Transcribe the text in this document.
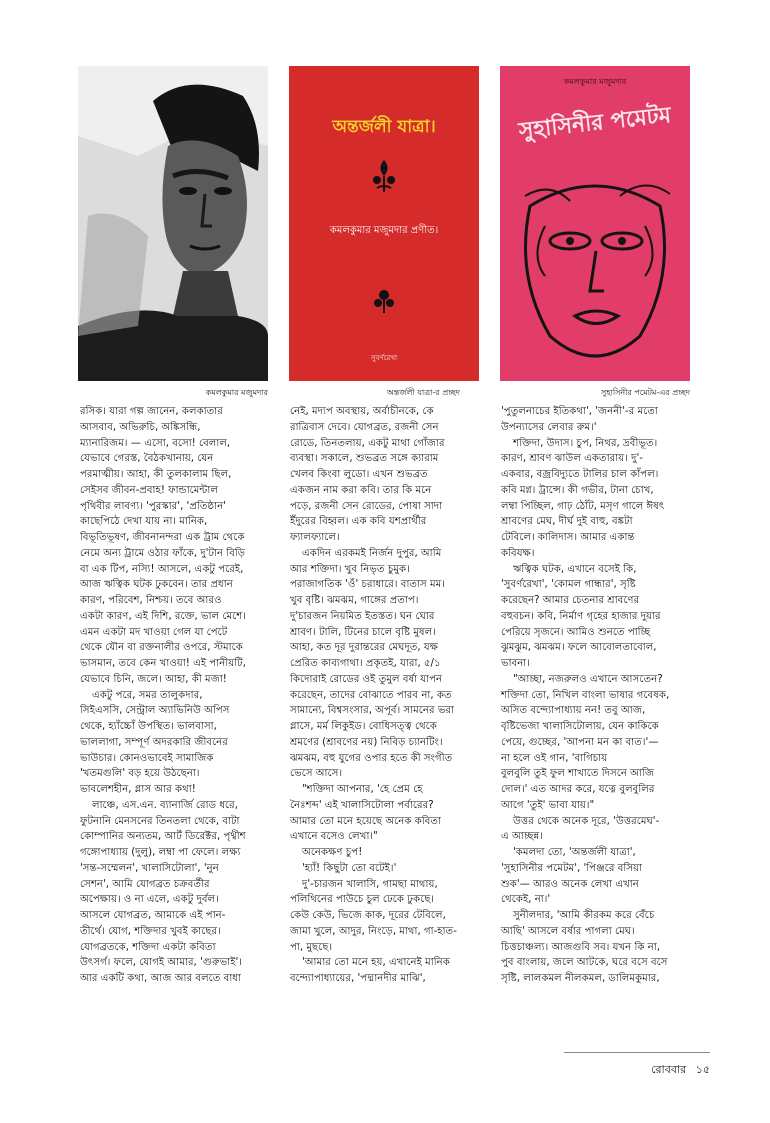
কমলকুমার মজুমদার
অন্তর্জলী যাত্রা।
কমলকুমার মজুমদার প্রণীত।
সুবর্ণরেখা
অন্তর্জলী যাত্রা-র প্রচ্ছদ
কমলকুমার মজুমদার
সুহাসিনীর পমেটম
সুহাসিনীর পমেটম-এর প্রচ্ছদ

রসিক। যারা গল্প জানেন, কলকাতার

আসবাব, অভিরুচি, অঙ্কিসন্ধি,

ম্যানারিজম। — এসো, বসো! বেলাল,

যেভাবে গেরস্ত, বৈঠকখানায়, যেন

পরমাত্মীয়। আহা, কী তুলকালাম ছিল,

সেইসব জীবন-প্রবাহ! ফান্ডামেন্টাল

পৃথিবীর লাবণ্য। 'পুরস্কার', 'প্রতিষ্ঠান'

কাছেপিঠে দেখা যায় না। মানিক,

বিভূতিভূষণ, জীবনানন্দরা এক ট্রাম থেকে

নেমে অন্য ট্রামে ওঠার ফাঁকে, দু'টান বিড়ি

বা এক টিপ, নস্যি! আসলে, একটু পরেই,

আজ ঋত্বিক ঘটক ঢুকবেন। তার প্রধান

কারণ, পরিবেশ, নিশ্চয়। তবে আরও

একটা কারণ, এই দিশি, রক্তে, ভাল মেশে।

এমন একটা মদ খাওয়া গেল যা পেটে

থেকে যৌন বা রক্তনালীর ওপরে, স্টমাকে

ভাসমান, তবে কেন খাওয়া! এই পানীয়টি,

যেভাবে চিনি, জলে। আহা, কী মজা!

একটু পরে, সমর তালুকদার,

সিইএসসি, সেন্ট্রাল অ্যাভিনিউ অপিস

থেকে, হ্যাঁচ্চোঁ উপস্থিত। ভালবাসা,

ভাললাগা, সম্পূর্ণ অদরকারি জীবনের

ভাউচার। কোনওভাবেই সামাজিক

'খতমগুলি' বড় হয়ে উঠছেনা।

ভাবলেশহীন, গ্লাস আর কথা!

লাঞ্চে, এস.এন. ব্যানার্জি রোড ধরে,

ফুটনানি মেনসনের তিনতলা থেকে, বাটা

কোম্পানির অন্যতম, আর্ট ডিরেক্টর, পৃথ্বীশ

গঙ্গোপাধ্যায় (দুলু), লম্বা পা ফেলে। লক্ষ্য

'সন্ত-সম্মেলন', খালাসিটোলা', 'নুন

সেশন', আমি যোগব্রত চক্রবর্তীর

অপেক্ষায়। ও না এলে, একটু দুর্বল।

আসলে যোগব্রত, আমাকে এই পান-

তীর্থে। যোগ, শক্তিদার খুবই কাছের।

যোগব্রতকে, শক্তিদা একটা কবিতা

উৎসর্গ। ফলে, যোগই আমার, 'গুরুভাই'।

আর একটি কথা, আজ আর বলতে বাধা

নেই, মদ্যপ অবস্থায়, অর্বাচীনকে, কে

রাত্রিবাস দেবে। যোগব্রত, রজনী সেন

রোডে, তিনতলায়, একটু মাথা গোঁজার

ব্যবস্থা। সকালে, শুভব্রত সঙ্গে ক্যারাম

খেলব কিংবা লুডো। এখন শুভব্রত

একজন নাম করা কবি। তার কি মনে

পড়ে, রজনী সেন রোডের, পোষা সাদা

ইঁদুরের বিহ্বল। এক কবি যশপ্রার্থীর

ফ্যালফ্যালে।

একদিন এরকমই নির্জন দুপুর, আমি

আর শক্তিদা। খুব নিভৃত চুমুক।

পরাজাগতিক 'ওঁ' চরাধারে। বাতাস মম।

খুব বৃষ্টি। ঝমঝম, গাঙ্গের প্রতাপ।

দু'চারজন নিয়মিত ইতস্তত। ঘন ঘোর

শ্রাবণ। টালি, টিনের চালে বৃষ্টি মুষল।

আহা, কত দূর দুরান্তরের মেঘদূত, যক্ষ

প্রেরিত কাব্যগাথা। প্রকৃতই, যারা, ৫/১

কিদোরাই রোডের ওই তুমুল বর্ষা যাপন

করেছেন, তাদের বোঝাতে পারব না, কত

সামান্যে, বিশ্বসংসার, অপূর্ব। সামনের ভরা

গ্লাসে, মর্ম লিকুইড। বোধিসত্ত্ব থেকে

শ্রমণের (শ্রাবণের নয়) নিবিড় চ্যানটিং।

ঝমঝম, বহু যুগের ওপার হতে কী সংগীত

ভেসে আসে।

"শক্তিদা আপনার, 'হে প্রেম হে

নৈঃশব্দ' এই খালাসিটোলা পর্বারের?

আমার তো মনে হয়েছে অনেক কবিতা

এখানে বসেও লেখা।"

অনেকক্ষণ চুপ!

'হ্যাঁ! কিছুটা তো বটেই।'

দু'-চারজন খালাসি, গামছা মাথায়,

পলিথিনের পাউচে চুল ঢেকে ঢুকছে।

কেউ কেউ, ভিজে কাক, দূরের টেবিলে,

জামা খুলে, আদুর, নিংড়ে, মাথা, গা-হাত-

পা, মুছছে।

'আমার তো মনে হয়, এখানেই মানিক

বন্দ্যোপাধ্যায়ের, 'পদ্মানদীর মাঝি',

'পুতুলনাচের ইতিকথা', 'জননী'-র মতো

উপন্যাসের লেবার রুম।'

শক্তিদা, উদাস। চুপ, নিথর, দ্রবীভূত।

কারণ, শ্রাবণ ঝাউল একতারায়। দু'-

একবার, বজ্রবিদ্যুতে টালির চাল কাঁপল।

কবি মগ্ন। ট্রান্সে। কী গভীর, টানা চোখ,

লম্বা পিচ্ছিল, গাঢ় ঠোঁট, মসৃণ গালে ঈষৎ

শ্রাবণের মেঘ, দীর্ঘ দুই বাহু, বঙ্কটা

টেবিলে। কালিদাস। আমার একান্ত

কবিযক্ষ।

ঋত্বিক ঘটক, এখানে বসেই কি,

'সুবর্ণরেখা', 'কোমল গান্ধার', সৃষ্টি

করেছেন? আমার চেতনার শ্রাবণের

বহুবচন। কবি, নির্মাণ গৃহের হাজার দুয়ার

পেরিয়ে সৃজনে। আমিও শুনতে পাচ্ছি

ঝুমঝুম, ঝমঝম। ফলে আবোলতাবোল,

ভাবনা।

"আচ্ছা, নজরুলও এখানে আসতেন?

শক্তিদা তো, নিখিল বাংলা ভাষার গবেষক,

অসিত বন্দ্যোপাধ্যায় নন! তবু আজ,

বৃষ্টিভেজা খালাসিটোলায়, যেন কাকিকে

পেয়ে, গুচ্ছের, 'আপনা মন কা বাত।'—

না হলে ওই গান, 'বাগিচায়

বুলবুলি তুই ফুল শাখাতে দিসনে আজি

দোল।' এত আদর করে, যত্নে বুলবুলির

আগে 'তুই' ভাবা যায়।"

উত্তর থেকে অনেক দূরে, 'উত্তরমেঘ'-

এ আচ্ছন্ন।

'কমলদা তো, 'অন্তর্জলী যাত্রা',

'সুহাসিনীর পমেটম', 'পিঞ্জরে বসিয়া

শুক'— আরও অনেক লেখা এখান

থেকেই, না।'

সুনীলদার, 'আমি কীরকম করে বেঁচে

আছি' আসলে বর্ষার পাগলা মেঘ।

চিত্তচাঞ্চল্য। আজগুবি সব। যখন কি না,

পুব বাংলায়, জলে আটকে, ঘরে বসে বসে

সৃষ্টি, লালকমল নীলকমল, ডালিমকুমার,

রোববার ১৫
